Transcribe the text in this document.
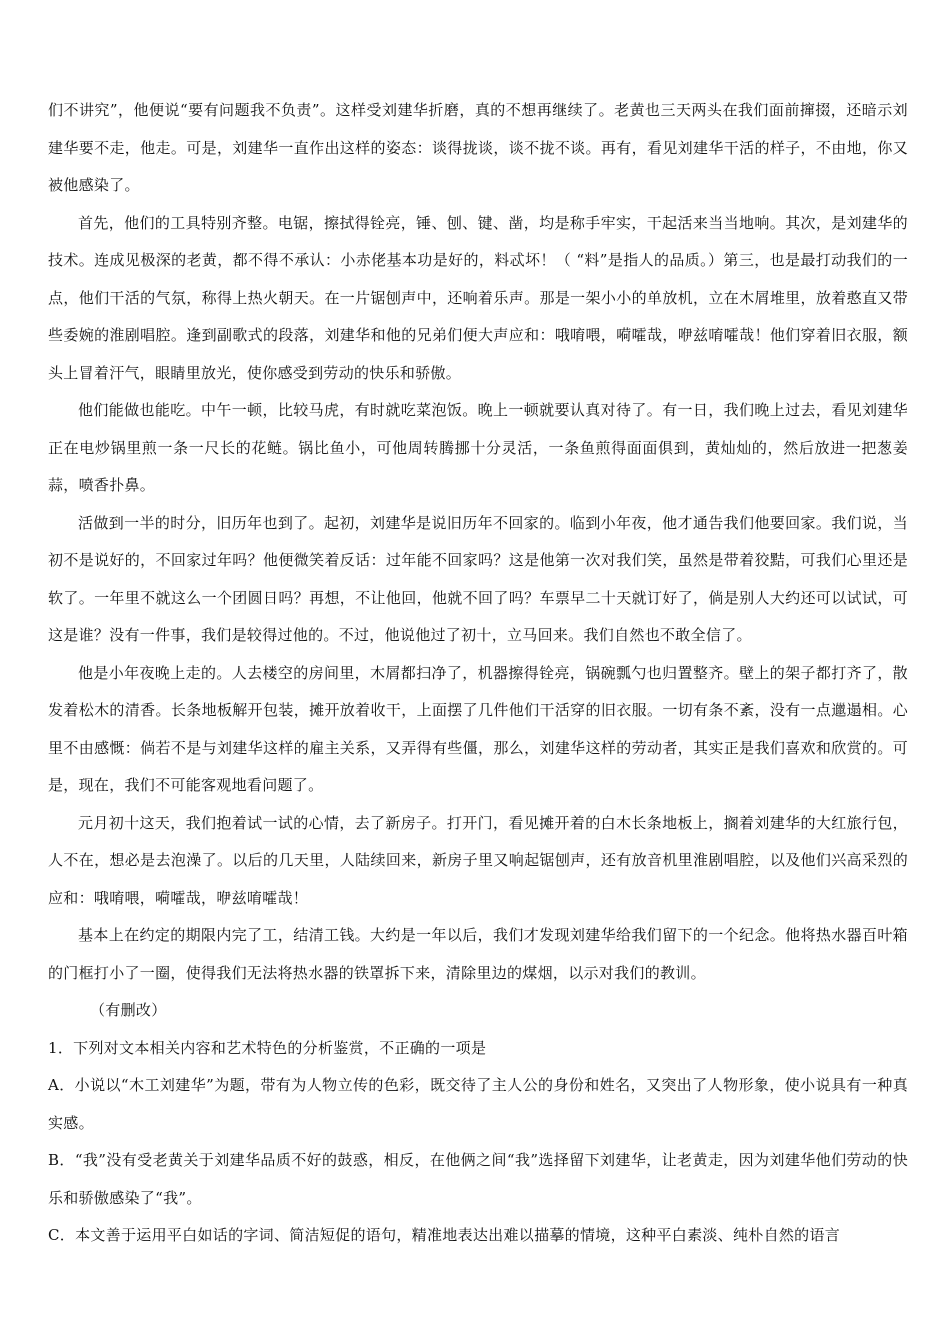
们不讲究”，他便说“要有问题我不负责”。这样受刘建华折磨，真的不想再继续了。老黄也三天两头在我们面前撺掇，还暗示刘建华要不走，他走。可是，刘建华一直作出这样的姿态：谈得拢谈，谈不拢不谈。再有，看见刘建华干活的样子，不由地，你又被他感染了。

首先，他们的工具特别齐整。电锯，擦拭得铨亮，锤、刨、键、凿，均是称手牢实，干起活来当当地响。其次，是刘建华的技术。连成见极深的老黄，都不得不承认：小赤佬基本功是好的，料忒坏！（ “料”是指人的品质。）第三，也是最打动我们的一点，他们干活的气氛，称得上热火朝天。在一片锯刨声中，还响着乐声。那是一架小小的单放机，立在木屑堆里，放着憨直又带些委婉的淮剧唱腔。逢到副歌式的段落，刘建华和他的兄弟们便大声应和：哦唷喂，嗬嚯哉，咿兹唷嚯哉！他们穿着旧衣服，额头上冒着汗气，眼睛里放光，使你感受到劳动的快乐和骄傲。

他们能做也能吃。中午一顿，比较马虎，有时就吃菜泡饭。晚上一顿就要认真对待了。有一日，我们晚上过去，看见刘建华正在电炒锅里煎一条一尺长的花鲢。锅比鱼小，可他周转腾挪十分灵活，一条鱼煎得面面俱到，黄灿灿的，然后放进一把葱姜蒜，喷香扑鼻。

活做到一半的时分，旧历年也到了。起初，刘建华是说旧历年不回家的。临到小年夜，他才通告我们他要回家。我们说，当初不是说好的，不回家过年吗？他便微笑着反话：过年能不回家吗？这是他第一次对我们笑，虽然是带着狡黠，可我们心里还是软了。一年里不就这么一个团圆日吗？再想，不让他回，他就不回了吗？车票早二十天就订好了，倘是别人大约还可以试试，可这是谁？没有一件事，我们是较得过他的。不过，他说他过了初十，立马回来。我们自然也不敢全信了。

他是小年夜晚上走的。人去楼空的房间里，木屑都扫净了，机器擦得铨亮，锅碗瓢勺也归置整齐。壁上的架子都打齐了，散发着松木的清香。长条地板解开包装，摊开放着收干，上面摆了几件他们干活穿的旧衣服。一切有条不紊，没有一点邋遢相。心里不由感慨：倘若不是与刘建华这样的雇主关系，又弄得有些僵，那么，刘建华这样的劳动者，其实正是我们喜欢和欣赏的。可是，现在，我们不可能客观地看问题了。

元月初十这天，我们抱着试一试的心情，去了新房子。打开门，看见摊开着的白木长条地板上，搁着刘建华的大红旅行包，人不在，想必是去泡澡了。以后的几天里，人陆续回来，新房子里又响起锯刨声，还有放音机里淮剧唱腔，以及他们兴高采烈的应和：哦唷喂，嗬嚯哉，咿兹唷嚯哉！

基本上在约定的期限内完了工，结清工钱。大约是一年以后，我们才发现刘建华给我们留下的一个纪念。他将热水器百叶箱的门框打小了一圈，使得我们无法将热水器的铁罩拆下来，清除里边的煤烟，以示对我们的教训。

（有删改）

1．下列对文本相关内容和艺术特色的分析鉴赏，不正确的一项是

A．小说以“木工刘建华”为题，带有为人物立传的色彩，既交待了主人公的身份和姓名，又突出了人物形象，使小说具有一种真实感。

B．“我”没有受老黄关于刘建华品质不好的鼓惑，相反，在他俩之间“我”选择留下刘建华，让老黄走，因为刘建华他们劳动的快乐和骄傲感染了“我”。

C．本文善于运用平白如话的字词、简洁短促的语句，精准地表达出难以描摹的情境，这种平白素淡、纯朴自然的语言
